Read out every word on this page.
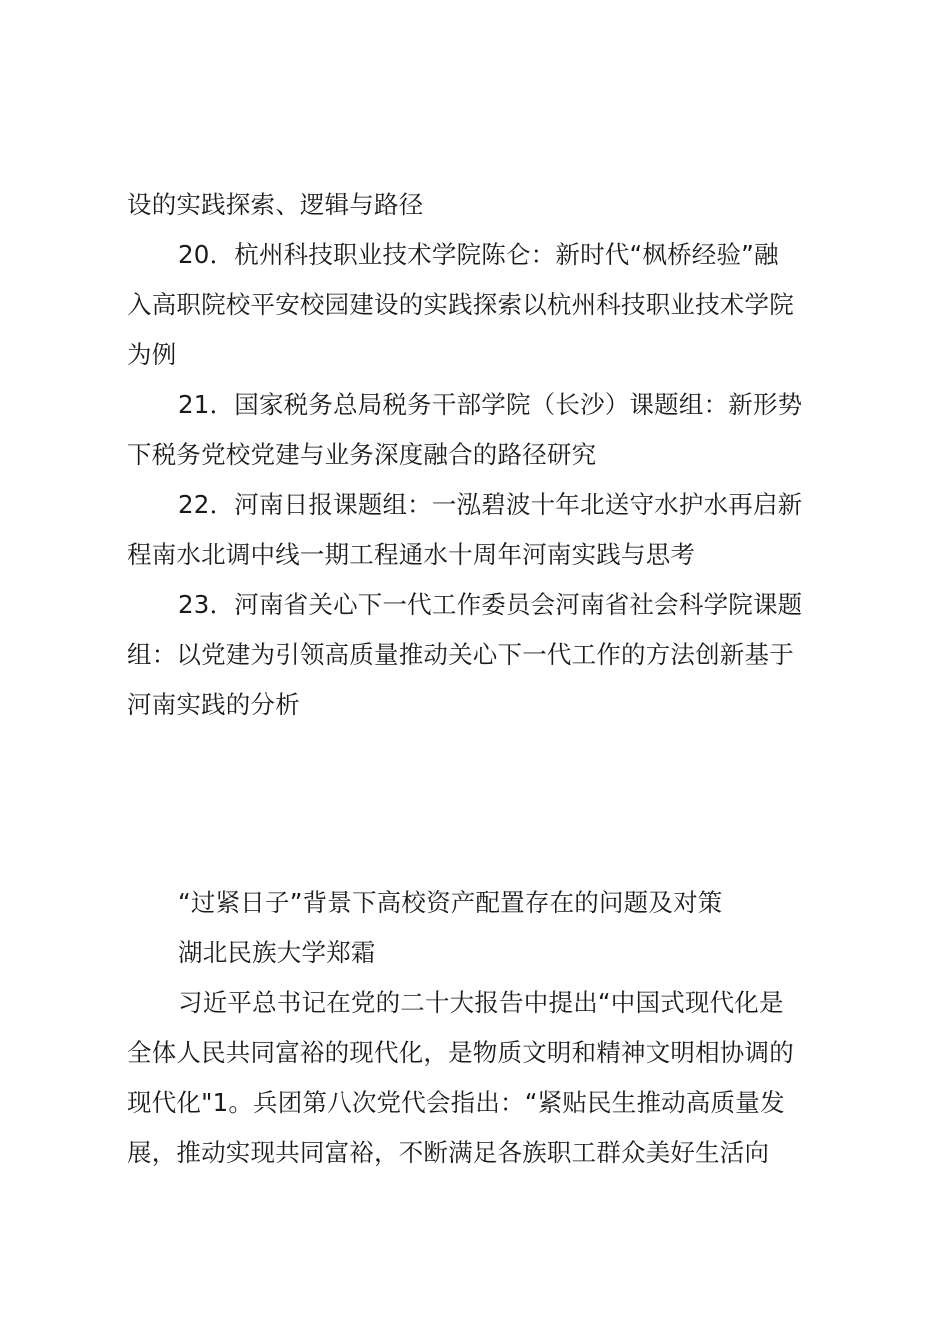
设的实践探索、逻辑与路径
20．杭州科技职业技术学院陈仑：新时代“枫桥经验”融
入高职院校平安校园建设的实践探索以杭州科技职业技术学院
为例
21．国家税务总局税务干部学院（长沙）课题组：新形势
下税务党校党建与业务深度融合的路径研究
22．河南日报课题组：一泓碧波十年北送守水护水再启新
程南水北调中线一期工程通水十周年河南实践与思考
23．河南省关心下一代工作委员会河南省社会科学院课题
组：以党建为引领高质量推动关心下一代工作的方法创新基于
河南实践的分析
“过紧日子”背景下高校资产配置存在的问题及对策
湖北民族大学郑霜
习近平总书记在党的二十大报告中提出“中国式现代化是
全体人民共同富裕的现代化，是物质文明和精神文明相协调的
现代化"1。兵团第八次党代会指出：“紧贴民生推动高质量发
展，推动实现共同富裕，不断满足各族职工群众美好生活向
